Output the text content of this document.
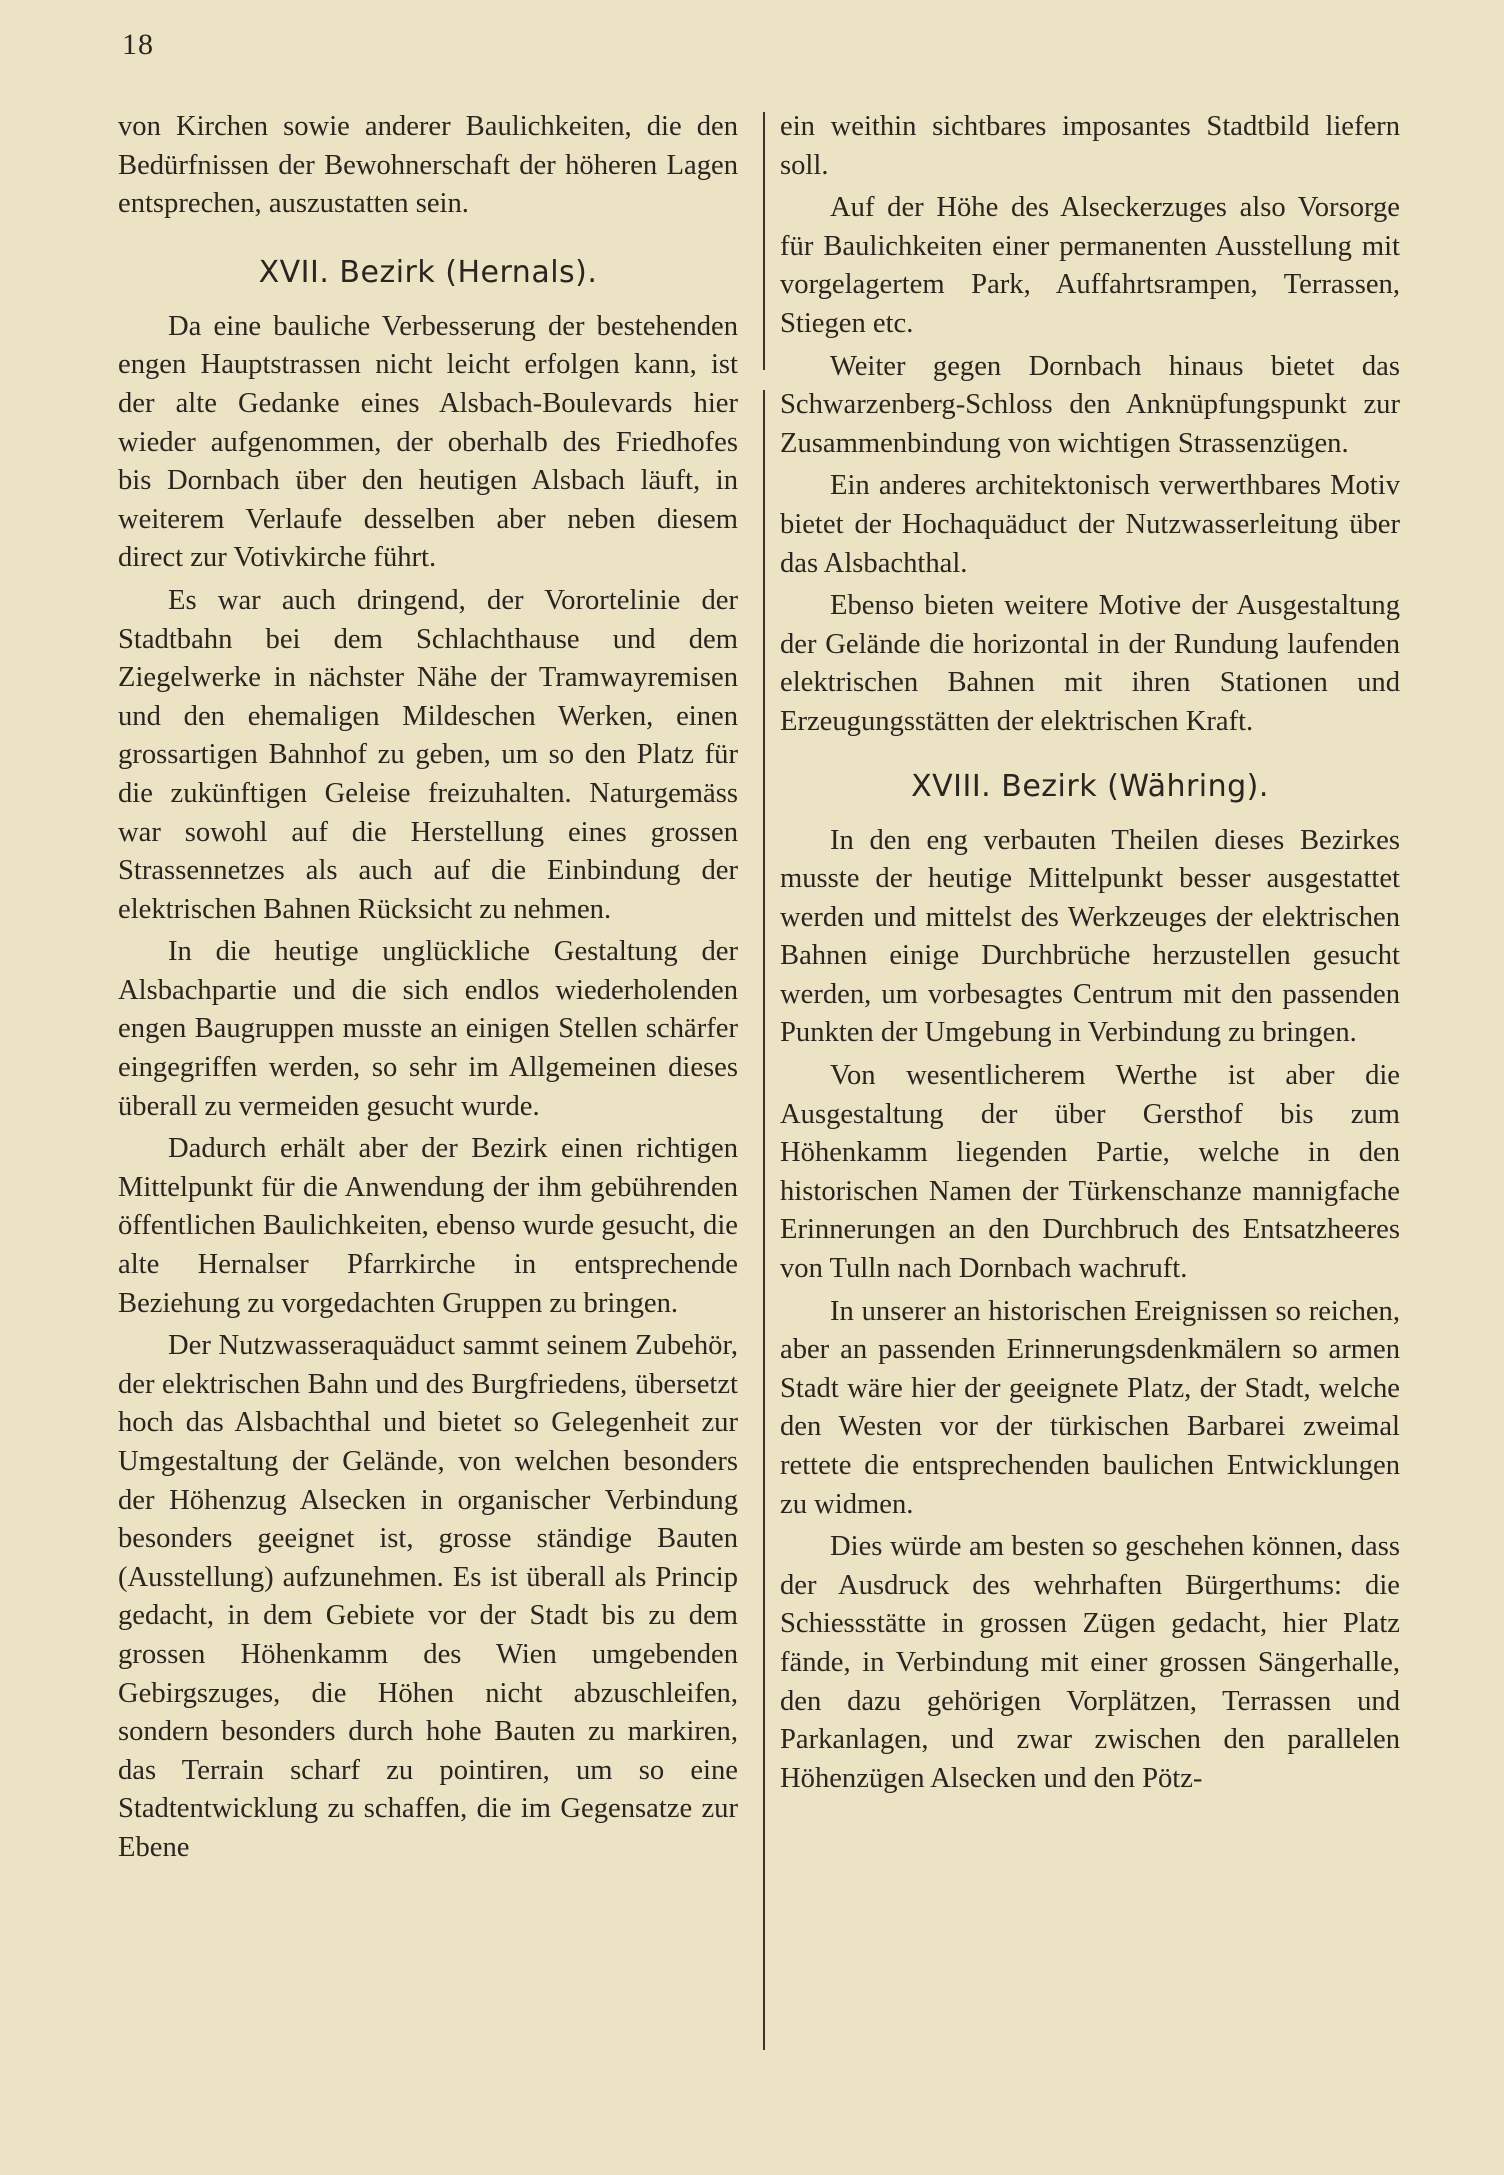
18

von Kirchen sowie anderer Baulichkeiten, die den Bedürfnissen der Bewohnerschaft der höheren Lagen entsprechen, auszustatten sein.

XVII. Bezirk (Hernals).

Da eine bauliche Verbesserung der bestehenden engen Hauptstrassen nicht leicht erfolgen kann, ist der alte Gedanke eines Alsbach-Boulevards hier wieder aufgenommen, der oberhalb des Friedhofes bis Dornbach über den heutigen Alsbach läuft, in weiterem Verlaufe desselben aber neben diesem direct zur Votivkirche führt.

Es war auch dringend, der Vorortelinie der Stadtbahn bei dem Schlachthause und dem Ziegelwerke in nächster Nähe der Tramwayremisen und den ehemaligen Mildeschen Werken, einen grossartigen Bahnhof zu geben, um so den Platz für die zukünftigen Geleise freizuhalten. Naturgemäss war sowohl auf die Herstellung eines grossen Strassennetzes als auch auf die Einbindung der elektrischen Bahnen Rücksicht zu nehmen.

In die heutige unglückliche Gestaltung der Alsbachpartie und die sich endlos wiederholenden engen Baugruppen musste an einigen Stellen schärfer eingegriffen werden, so sehr im Allgemeinen dieses überall zu vermeiden gesucht wurde.

Dadurch erhält aber der Bezirk einen richtigen Mittelpunkt für die Anwendung der ihm gebührenden öffentlichen Baulichkeiten, ebenso wurde gesucht, die alte Hernalser Pfarrkirche in entsprechende Beziehung zu vorgedachten Gruppen zu bringen.

Der Nutzwasseraquäduct sammt seinem Zubehör, der elektrischen Bahn und des Burgfriedens, übersetzt hoch das Alsbachthal und bietet so Gelegenheit zur Umgestaltung der Gelände, von welchen besonders der Höhenzug Alsecken in organischer Verbindung besonders geeignet ist, grosse ständige Bauten (Ausstellung) aufzunehmen. Es ist überall als Princip gedacht, in dem Gebiete vor der Stadt bis zu dem grossen Höhenkamm des Wien umgebenden Gebirgszuges, die Höhen nicht abzuschleifen, sondern besonders durch hohe Bauten zu markiren, das Terrain scharf zu pointiren, um so eine Stadtentwicklung zu schaffen, die im Gegensatze zur Ebene

ein weithin sichtbares imposantes Stadtbild liefern soll.

Auf der Höhe des Alseckerzuges also Vorsorge für Baulichkeiten einer permanenten Ausstellung mit vorgelagertem Park, Auffahrtsrampen, Terrassen, Stiegen etc.

Weiter gegen Dornbach hinaus bietet das Schwarzenberg-Schloss den Anknüpfungspunkt zur Zusammenbindung von wichtigen Strassenzügen.

Ein anderes architektonisch verwerthbares Motiv bietet der Hochaquäduct der Nutzwasserleitung über das Alsbachthal.

Ebenso bieten weitere Motive der Ausgestaltung der Gelände die horizontal in der Rundung laufenden elektrischen Bahnen mit ihren Stationen und Erzeugungsstätten der elektrischen Kraft.

XVIII. Bezirk (Währing).

In den eng verbauten Theilen dieses Bezirkes musste der heutige Mittelpunkt besser ausgestattet werden und mittelst des Werkzeuges der elektrischen Bahnen einige Durchbrüche herzustellen gesucht werden, um vorbesagtes Centrum mit den passenden Punkten der Umgebung in Verbindung zu bringen.

Von wesentlicherem Werthe ist aber die Ausgestaltung der über Gersthof bis zum Höhenkamm liegenden Partie, welche in den historischen Namen der Türkenschanze mannigfache Erinnerungen an den Durchbruch des Entsatzheeres von Tulln nach Dornbach wachruft.

In unserer an historischen Ereignissen so reichen, aber an passenden Erinnerungsdenkmälern so armen Stadt wäre hier der geeignete Platz, der Stadt, welche den Westen vor der türkischen Barbarei zweimal rettete die entsprechenden baulichen Entwicklungen zu widmen.

Dies würde am besten so geschehen können, dass der Ausdruck des wehrhaften Bürgerthums: die Schiessstätte in grossen Zügen gedacht, hier Platz fände, in Verbindung mit einer grossen Sängerhalle, den dazu gehörigen Vorplätzen, Terrassen und Parkanlagen, und zwar zwischen den parallelen Höhenzügen Alsecken und den Pötz-
